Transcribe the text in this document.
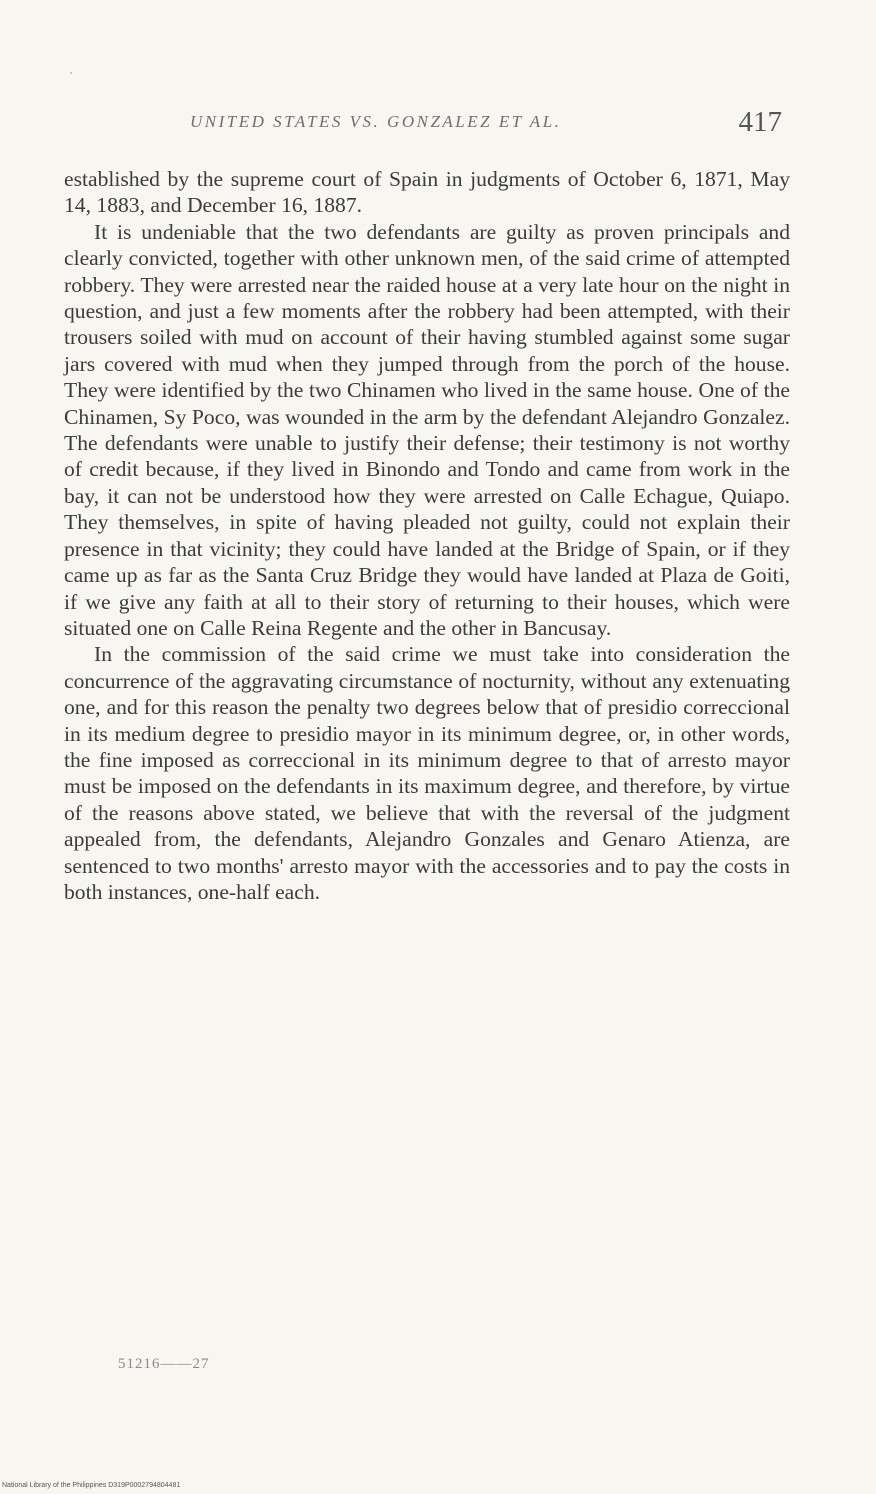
UNITED STATES VS. GONZALEZ ET AL.	417

established by the supreme court of Spain in judgments of October 6, 1871, May 14, 1883, and December 16, 1887.

It is undeniable that the two defendants are guilty as proven principals and clearly convicted, together with other unknown men, of the said crime of attempted robbery. They were arrested near the raided house at a very late hour on the night in question, and just a few moments after the robbery had been attempted, with their trousers soiled with mud on account of their having stumbled against some sugar jars covered with mud when they jumped through from the porch of the house. They were identified by the two Chinamen who lived in the same house. One of the Chinamen, Sy Poco, was wounded in the arm by the defendant Alejandro Gonzalez. The defendants were unable to justify their defense; their testimony is not worthy of credit because, if they lived in Binondo and Tondo and came from work in the bay, it can not be understood how they were arrested on Calle Echague, Quiapo. They themselves, in spite of having pleaded not guilty, could not explain their presence in that vicinity; they could have landed at the Bridge of Spain, or if they came up as far as the Santa Cruz Bridge they would have landed at Plaza de Goiti, if we give any faith at all to their story of returning to their houses, which were situated one on Calle Reina Regente and the other in Bancusay.

In the commission of the said crime we must take into consideration the concurrence of the aggravating circumstance of nocturnity, without any extenuating one, and for this reason the penalty two degrees below that of presidio correccional in its medium degree to presidio mayor in its minimum degree, or, in other words, the fine imposed as correccional in its minimum degree to that of arresto mayor must be imposed on the defendants in its maximum degree, and therefore, by virtue of the reasons above stated, we believe that with the reversal of the judgment appealed from, the defendants, Alejandro Gonzales and Genaro Atienza, are sentenced to two months' arresto mayor with the accessories and to pay the costs in both instances, one-half each.

51216——27
National Library of the Philippines D319P0002794804481
